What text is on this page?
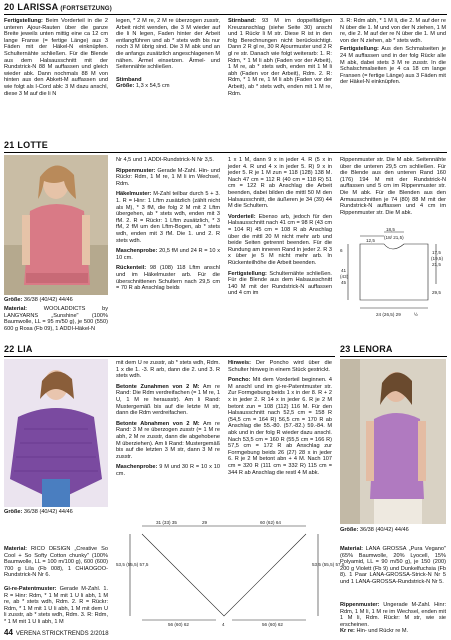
20 LARISSA (FORTSETZUNG)
Fertigstellung: Beim Vorderteil in die 2 unteren Ajour-Rauten über die ganze Breite jeweils unten mittig eine ca 12 cm lange Franse (= fertige Länge) aus 3 Fäden mit der Häkel-N einknüpfen. Schulternähte schließen. Für die Blende aus dem Halsausschnitt mit der Rundstrick-N 88 M auffassen und gleich wieder abk. Dann nochmals 88 M von hinten aus den Abkett-M auffassen und wie folgt als I-Cord abk: 3 M dazu anschl, diese 3 M auf die li N
legen, * 2 M re, 2 M re überzogen zusstr, Arbeit nicht wenden, die 3 M wieder auf die li N legen, Faden hinter der Arbeit entlangführen und ab * stets wdh bis nur noch 3 M übrig sind. Die 3 M abk und an die anfangs zusätzlich angeschlagenen M nähen. Ärmel einsetzen. Ärmel- und Seitennähte schließen.
Stimband
Größe: 1,3 x 54,5 cm
Stirnband: 93 M im doppelfädigen Kreuzanschlag (siehe Seite 30) anschl und 1 Rückr li M str. Diese R ist in den folg Berechnungen nicht berücksichtigt. Dann 2 R gl re, 30 R Ajourmuster und 2 R gl re str. Danach wie folgt weiterarb: 1. R: Rdm, * 1 M li abh (Faden vor der Arbeit), 1 M re, ab * stets wdh, enden mit 1 M li abh (Faden vor der Arbeit), Rdm. 2. R: Rdm, * 1 M re, 1 M li abh (Faden vor der Arbeit), ab * stets wdh, enden mit 1 M re, Rdm.
3. R: Rdm abh, * 1 M li, die 2. M auf der re N über die 1. M und von der N ziehen, 1 M re, die 2. M auf der re N über die 1. M und von der N ziehen, ab * stets wdh.
Fertigstellung: Aus den Schmalseiten je 24 M auffassen und in der folg Rückr alle M abk, dabei stets 3 M re zusstr. In die Schalschmalseiten je 4 ca 18 cm lange Fransen (= fertige Länge) aus 3 Fäden mit der Häkel-N einknüpfen.
21 LOTTE
Größe: 36/38 (40/42) 44/46
Material:	WOOLADDICTS by LANGYARNS „Sunshine" (100% Baumwolle, LL = 95 m/50 g), je 500 (550) 600 g Rosa (Fb 09), 1 ADDI-Häkel-N
Nr 4,5 und 1 ADDI-Rundstrick-N Nr 3,5.
Rippenmuster: Gerade M-Zahl. Hin- und Rückr: Rdm, 1 M re, 1 M li im Wechsel, Rdm.
Häkelmuster: M-Zahl teilbar durch 5 + 3. 1. R = Hinr: 1 Lftm zusätzlich (zählt nicht als M), * 3 fM, die folg 2 M mit 2 Lftm übergehen, ab * stets wdh, enden mit 3 fM. 2. R = Rückr: 1 Lftm zusätzlich, * 3 fM, 2 fM um den Lftm-Bogen, ab * stets wdh, enden mit 3 fM. Die 1. und 2. R stets wdh.
Maschenprobe: 20,5 fM und 24 R = 10 x 10 cm.
Rückenteil: 98 (108) 118 Lftm anschl und im Häkelmuster arb. Für die überschnittenen Schultern nach 29,5 cm = 70 R ab Anschlag beids
1 x 1 M, dann 9 x in jeder 4. R (5 x in jeder 4. R und 4 x in jeder 5. R) 9 x in jeder 5. R je 1 M zun = 118 (128) 138 M. Nach 47 cm = 112 R (40 cm = 118 R) 51 cm = 122 R ab Anschlag die Arbeit beenden, dabei bilden die mittl 50 M den Halsausschnitt, die äußeren je 34 (39) 44 M die Schultern.
Vorderteil: Ebenso arb, jedoch für den Halsausschnitt nach 41 cm = 98 R (43 cm = 104 R) 45 cm = 108 R ab Anschlag über die mittl 20 M nicht mehr arb und beide Seiten getrennt beenden. Für die Rundung am inneren Rand in jeder 2. R 3 x über je 5 M nicht mehr arb. In Rückenteilhöhe die Arbeit beenden.
Fertigstellung: Schulternähte schließen. Für die Blende aus dem Halsausschnitt 140 M mit der Rundstrick-N auffassen und 4 cm im
Rippenmuster str. Die M abk. Seitennähte über die unteren 29,5 cm schließen. Für die Blende aus den unteren Rand 160 (176) 194 M mit der Rundstrick-N auffassen und 5 cm im Rippenmuster str. Die M abk. Für die Blenden aus den Armausschnitten je 74 (80) 88 M mit der Rundstrick-N auffassen und 4 cm im Rippenmuster str. Die M abk.
18,5
(18/ 21,5)
12,5
6	17,5
(19,5)
21,5
41
(43)
45
29,5
24 (26,5) 29	½
22 LIA
Größe: 36/38 (40/42) 44/46
Material: RICO DESIGN „Creative So Cool + So Softy Cotton chunky" (100% Baumwolle, LL = 100 m/100 g), 600 (600) 700 g Lila (Fb 008), 1 CHIAOGOO-Rundstrick-N Nr 6.
Gi-re-Patentmuster: Gerade M-Zahl. 1. R = Hinr: Rdm, * 1 M mit 1 U li abh, 1 M re, ab * stets wdh, Rdm. 2. R = Rückr: Rdm, * 1 M mit 1 U li abh, 1 M mit dem U li zusstr, ab * stets wdh, Rdm. 3. R: Rdm, * 1 M mit 1 U li abh, 1 M
mit dem U re zusstr, ab * stets wdh, Rdm. 1 x die 1. -3. R arb, dann die 2. und 3. R stets wdh.
Betonte Zunahmen von 2 M: Am re Rand: Die Rdm verdreifachen (= 1 M re, 1 U, 1 M re herausstr). Am li Rand: Mustergemäß bis auf die letzte M str, dann die Rdm verdreifachen.
Betonte Abnahmen von 2 M: Am re Rand: 3 M re überzogen zusstr (= 1 M re abh, 2 M re zusstr, dann die abgehobene M überziehen). Am li Rand: Mustergemäß bis auf die letzten 3 M str, dann 3 M re zusstr.
Maschenprobe: 9 M und 30 R = 10 x 10 cm.
Hinweis: Der Poncho wird über die Schulter hinweg in einem Stück gestrickt.
Poncho: Mit dem Vorderteil beginnen. 4 M anschl und im gi-re-Patentmuster str. Zur Formgebung beids 1 x in der 8. R + 2 x in jeder 2. R 14 x in jeder 6. R je 2 M betont zun = 108 (112) 116 M. Für den Halsausschnitt nach 52,5 cm = 158 R (54,5 cm = 164 R) 56,5 cm = 170 R ab Anschlag die 55.-80. (57.-82.) 59.-84. M abk und in der folg R wieder dazu anschl. Nach 53,5 cm = 160 R (55,5 cm = 166 R) 57,5 cm = 172 R ab Anschlag zur Formgebung beids 26 (27) 28 x in jeder 6. R je 2 M betont abn + 4 M. Nach 107 cm = 320 R (111 cm = 332 R) 115 cm = 344 R ab Anschlag die restl 4 M abk.
31 (33) 35	29	60 (62) 64
53,5 (55,5) 57,5	53,5 (55,5) 57,5
56 (60) 62	4	56 (60) 62
23 LENORA
Größe: 36/38 (40/42) 44/46
Material: LANA GROSSA „Pura Vegano" (65% Baumwolle, 20% Lyocell, 15% Polyamid, LL = 90 m/50 g), je 150 (200) 200 g Violett (Fb 9) und Dunkelfuchsia (Fb 8). 1 Paar LANA-GROSSA-Strick-N Nr 5 und 1 LANA-GROSSA-Rundstrick-N Nr 5.
Rippenmuster: Ungerade M-Zahl. Hinr: Rdm, 1 M li, 1 M re im Wechsel, enden mit 1 M li, Rdm. Rückr: M str, wie sie erscheinen.
Kr re: Hin- und Rückr re M.
44 VERENA STRICKTRENDS 2/2018
